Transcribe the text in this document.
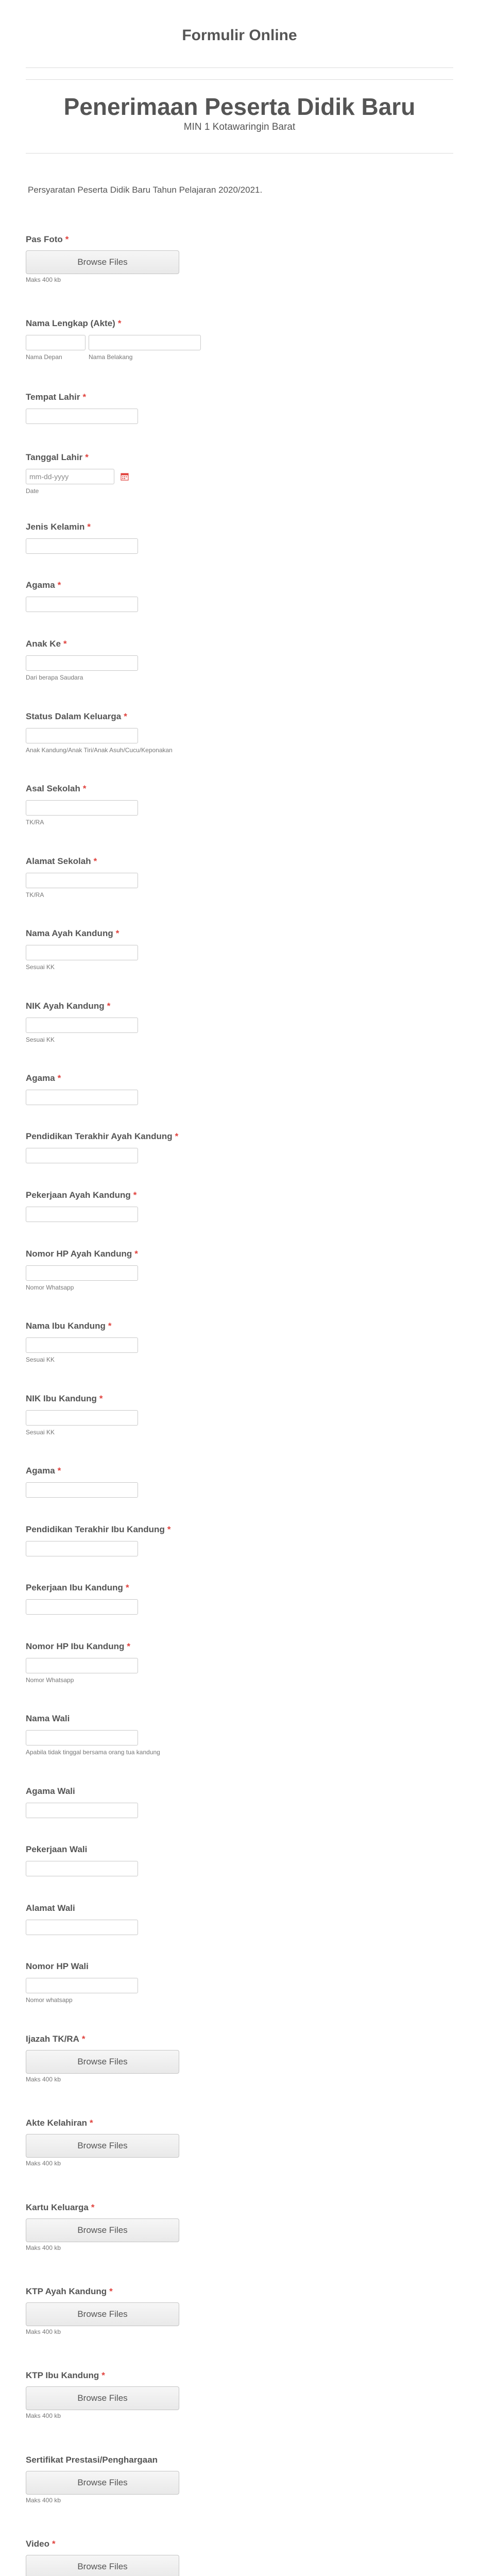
Formulir Online
Penerimaan Peserta Didik Baru
MIN 1 Kotawaringin Barat
Persyaratan Peserta Didik Baru Tahun Pelajaran 2020/2021.
Pas Foto *
Browse Files
Maks 400 kb
Nama Lengkap (Akte) *
Nama Depan	Nama Belakang
Tempat Lahir *
Tanggal Lahir *
mm-dd-yyyy
Date
Jenis Kelamin *
Agama *
Anak Ke *
Dari berapa Saudara
Status Dalam Keluarga *
Anak Kandung/Anak Tiri/Anak Asuh/Cucu/Keponakan
Asal Sekolah *
TK/RA
Alamat Sekolah *
TK/RA
Nama Ayah Kandung *
Sesuai KK
NIK Ayah Kandung *
Sesuai KK
Agama *
Pendidikan Terakhir Ayah Kandung *
Pekerjaan Ayah Kandung *
Nomor HP Ayah Kandung *
Nomor Whatsapp
Nama Ibu Kandung *
Sesuai KK
NIK Ibu Kandung *
Sesuai KK
Agama *
Pendidikan Terakhir Ibu Kandung *
Pekerjaan Ibu Kandung *
Nomor HP Ibu Kandung *
Nomor Whatsapp
Nama Wali
Apabila tidak tinggal bersama orang tua kandung
Agama Wali
Pekerjaan Wali
Alamat Wali
Nomor HP Wali
Nomor whatsapp
Ijazah TK/RA *
Browse Files
Maks 400 kb
Akte Kelahiran *
Browse Files
Maks 400 kb
Kartu Keluarga *
Browse Files
Maks 400 kb
KTP Ayah Kandung *
Browse Files
Maks 400 kb
KTP Ibu Kandung *
Browse Files
Maks 400 kb
Sertifikat Prestasi/Penghargaan
Browse Files
Maks 400 kb
Video *
Browse Files
